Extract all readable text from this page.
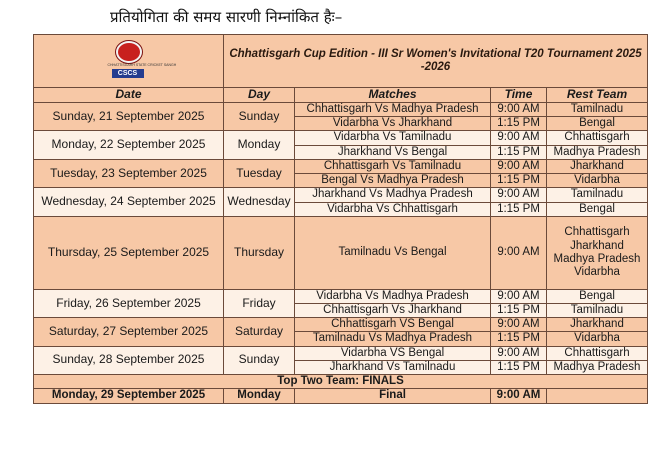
प्रतियोगिता की समय सारणी निम्नांकित हैः–
CHHATTISGARH STATE CRICKET SANGH
CSCS	Chhattisgarh Cup Edition - III Sr Women's Invitational T20 Tournament 2025 -2026			
Date	Day	Matches	Time	Rest Team
Sunday, 21 September 2025	Sunday	Chhattisgarh Vs Madhya Pradesh	9:00 AM	Tamilnadu
		Vidarbha Vs Jharkhand	1:15 PM	Bengal
Monday, 22 September 2025	Monday	Vidarbha Vs Tamilnadu	9:00 AM	Chhattisgarh
		Jharkhand Vs Bengal	1:15 PM	Madhya Pradesh
Tuesday, 23 September 2025	Tuesday	Chhattisgarh Vs Tamilnadu	9:00 AM	Jharkhand
		Bengal Vs Madhya Pradesh	1:15 PM	Vidarbha
Wednesday, 24 September 2025	Wednesday	Jharkhand Vs Madhya Pradesh	9:00 AM	Tamilnadu
		Vidarbha Vs Chhattisgarh	1:15 PM	Bengal
Thursday, 25 September 2025	Thursday	Tamilnadu Vs Bengal	9:00 AM	Chhattisgarh
Jharkhand
Madhya Pradesh
Vidarbha

Friday, 26 September 2025	Friday	Vidarbha Vs Madhya Pradesh	9:00 AM	Bengal
		Chhattisgarh Vs Jharkhand	1:15 PM	Tamilnadu
Saturday, 27 September 2025	Saturday	Chhattisgarh VS Bengal	9:00 AM	Jharkhand
		Tamilnadu Vs Madhya Pradesh	1:15 PM	Vidarbha
Sunday, 28 September 2025	Sunday	Vidarbha VS Bengal	9:00 AM	Chhattisgarh
		Jharkhand Vs Tamilnadu	1:15 PM	Madhya Pradesh
Top Two Team: FINALS				
Monday, 29 September 2025	Monday	Final	9:00 AM	
